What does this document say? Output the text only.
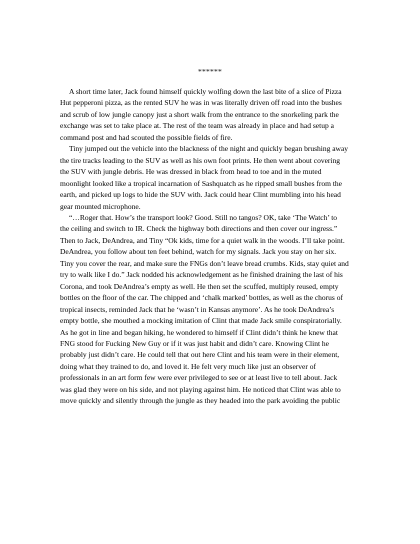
******
A short time later, Jack found himself quickly wolfing down the last bite of a slice of Pizza
Hut pepperoni pizza, as the rented SUV he was in was literally driven off road into the bushes
and scrub of low jungle canopy just a short walk from the entrance to the snorkeling park the
exchange was set to take place at. The rest of the team was already in place and had setup a
command post and had scouted the possible fields of fire.
Tiny jumped out the vehicle into the blackness of the night and quickly began brushing away
the tire tracks leading to the SUV as well as his own foot prints. He then went about covering
the SUV with jungle debris. He was dressed in black from head to toe and in the muted
moonlight looked like a tropical incarnation of Sashquatch as he ripped small bushes from the
earth, and picked up logs to hide the SUV with. Jack could hear Clint mumbling into his head
gear mounted microphone.
“…Roger that. How’s the transport look? Good. Still no tangos? OK, take ‘The Watch’ to
the ceiling and switch to IR. Check the highway both directions and then cover our ingress.”
Then to Jack, DeAndrea, and Tiny “Ok kids, time for a quiet walk in the woods. I’ll take point.
DeAndrea, you follow about ten feet behind, watch for my signals. Jack you stay on her six.
Tiny you cover the rear, and make sure the FNGs don’t leave bread crumbs. Kids, stay quiet and
try to walk like I do.” Jack nodded his acknowledgement as he finished draining the last of his
Corona, and took DeAndrea’s empty as well. He then set the scuffed, multiply reused, empty
bottles on the floor of the car. The chipped and ‘chalk marked’ bottles, as well as the chorus of
tropical insects, reminded Jack that he ‘wasn’t in Kansas anymore’. As he took DeAndrea’s
empty bottle, she mouthed a mocking imitation of Clint that made Jack smile conspiratorially.
As he got in line and began hiking, he wondered to himself if Clint didn’t think he knew that
FNG stood for Fucking New Guy or if it was just habit and didn’t care. Knowing Clint he
probably just didn’t care. He could tell that out here Clint and his team were in their element,
doing what they trained to do, and loved it. He felt very much like just an observer of
professionals in an art form few were ever privileged to see or at least live to tell about. Jack
was glad they were on his side, and not playing against him. He noticed that Clint was able to
move quickly and silently through the jungle as they headed into the park avoiding the public
